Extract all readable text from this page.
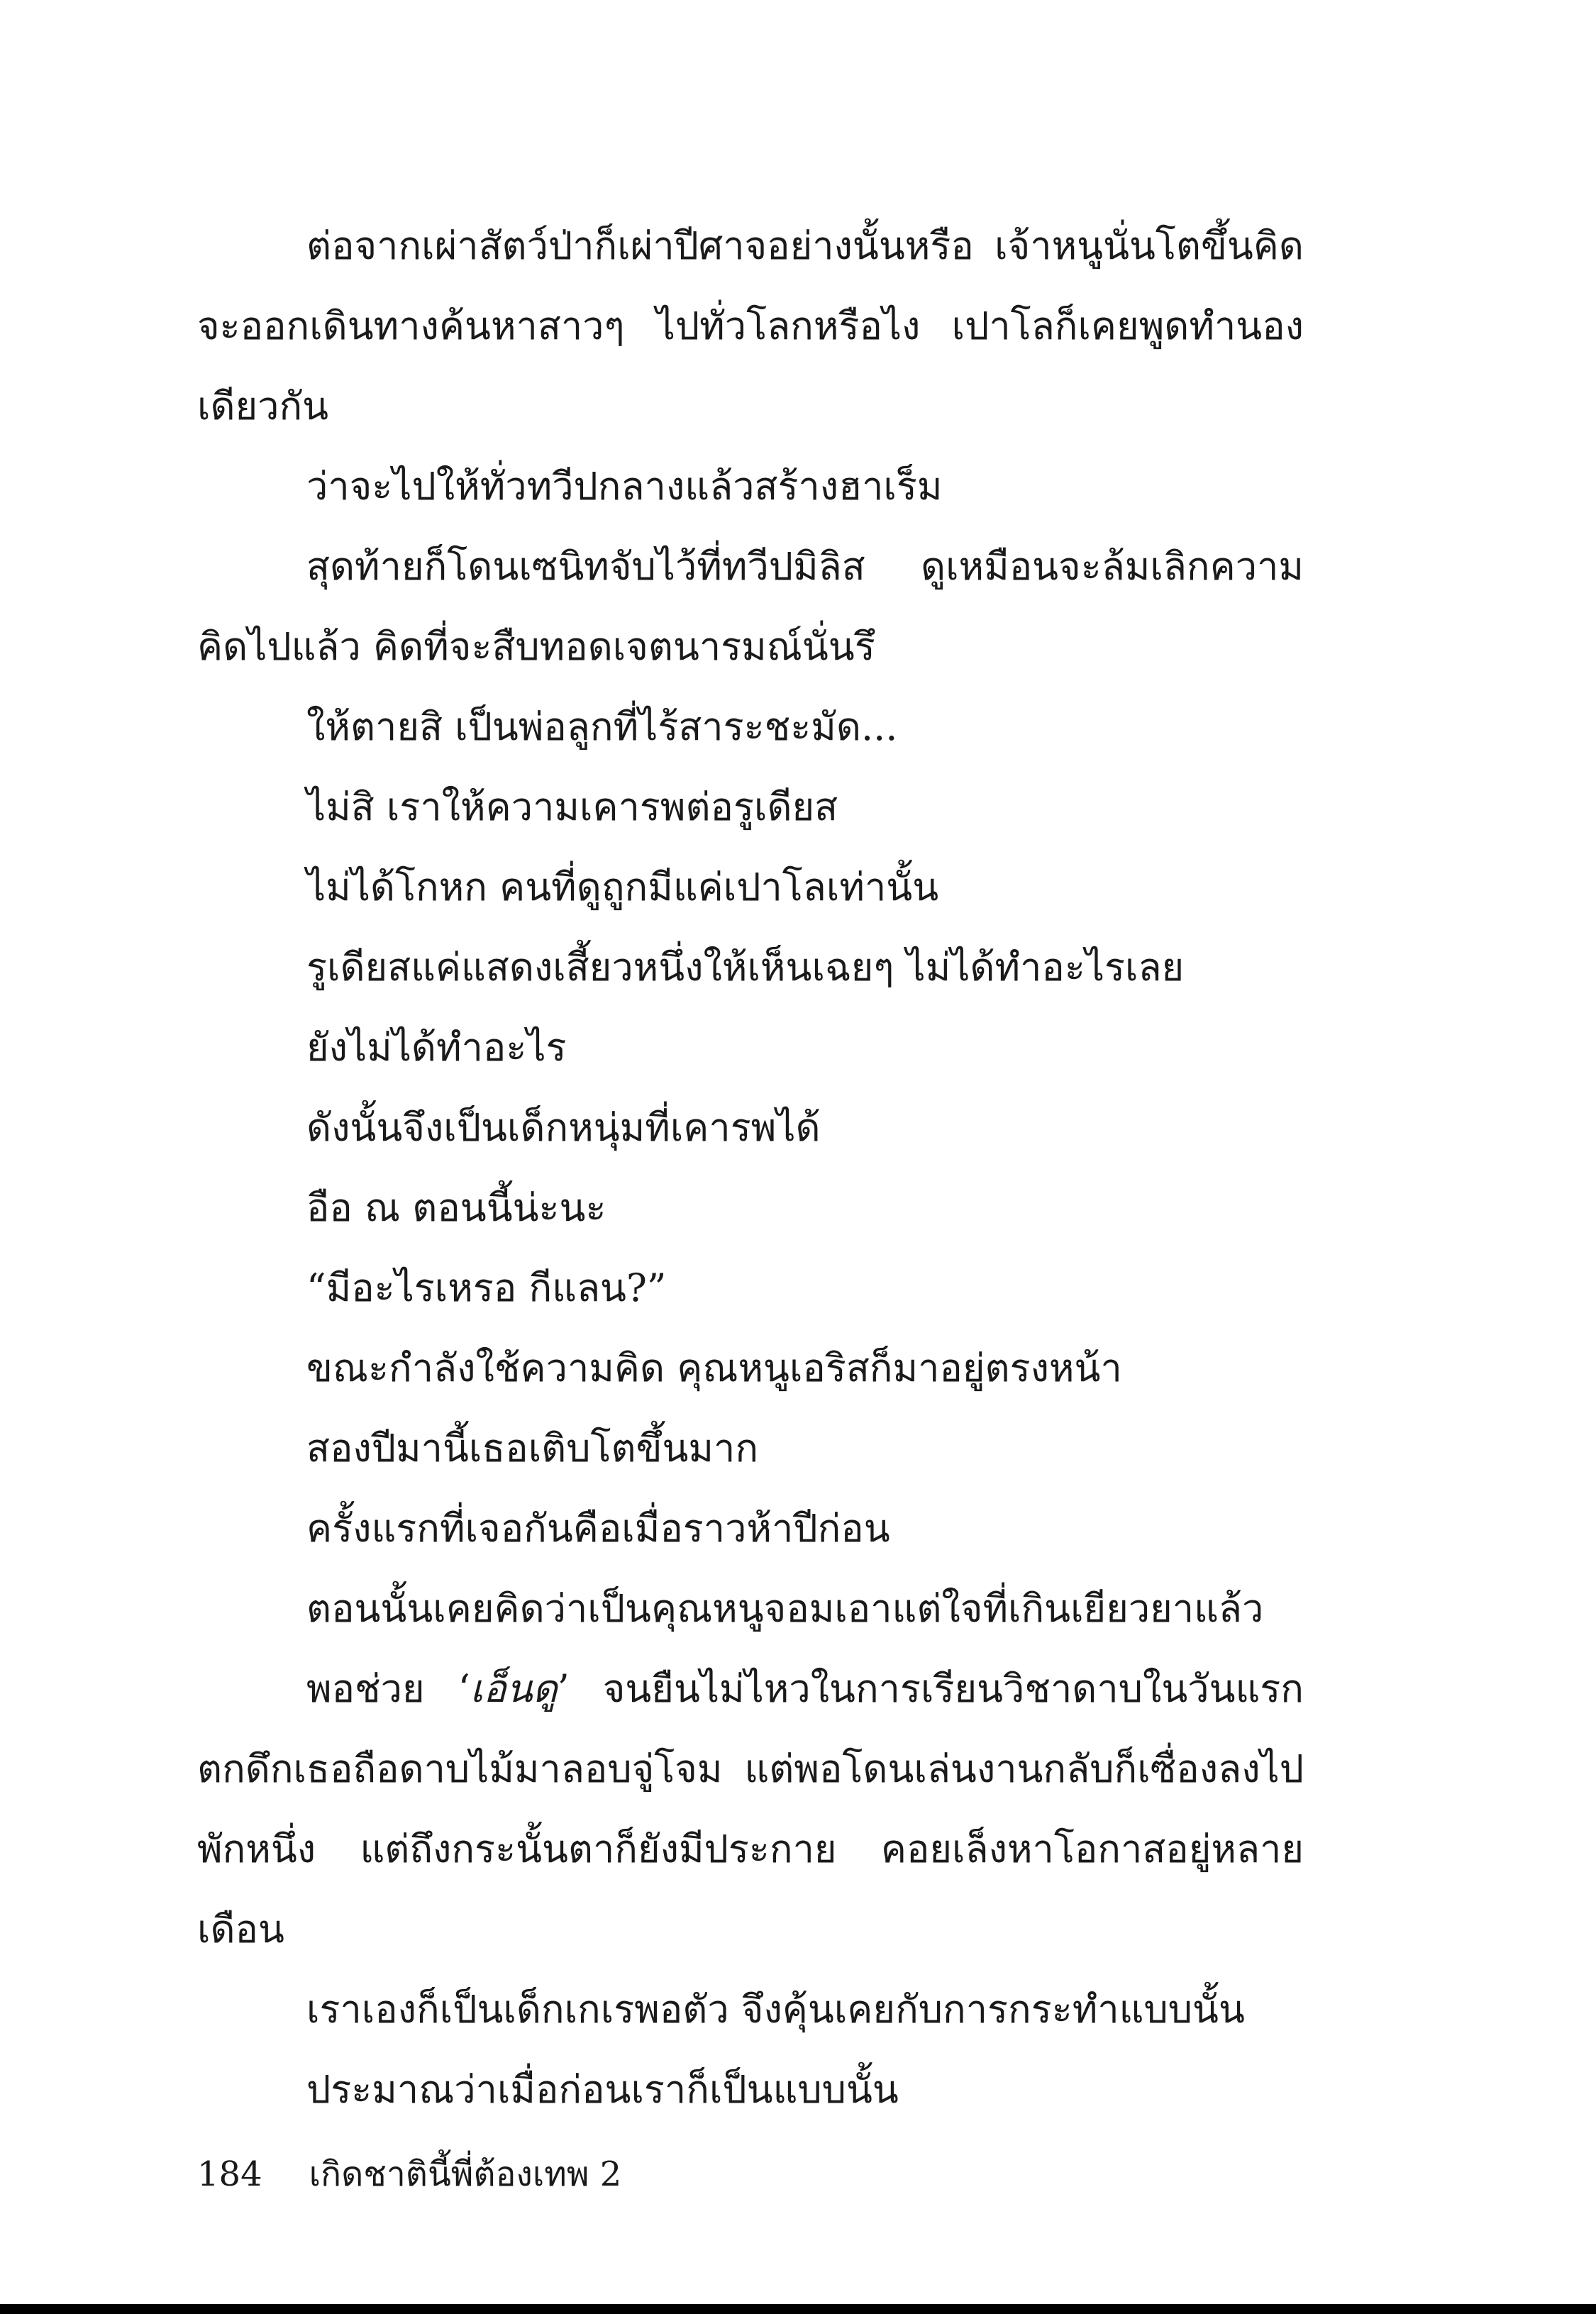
ต่อจากเผ่าสัตว์ป่าก็เผ่าปีศาจอย่างนั้นหรือ เจ้าหนูนั่นโตขึ้นคิดจะออกเดินทางค้นหาสาวๆ ไปทั่วโลกหรือไง เปาโลก็เคยพูดทำนองเดียวกัน

ว่าจะไปให้ทั่วทวีปกลางแล้วสร้างฮาเร็ม

สุดท้ายก็โดนเซนิทจับไว้ที่ทวีปมิลิส ดูเหมือนจะล้มเลิกความคิดไปแล้ว คิดที่จะสืบทอดเจตนารมณ์นั่นรึ

ให้ตายสิ เป็นพ่อลูกที่ไร้สาระชะมัด...

ไม่สิ เราให้ความเคารพต่อรูเดียส

ไม่ได้โกหก คนที่ดูถูกมีแค่เปาโลเท่านั้น

รูเดียสแค่แสดงเสี้ยวหนึ่งให้เห็นเฉยๆ ไม่ได้ทำอะไรเลย

ยังไม่ได้ทำอะไร

ดังนั้นจึงเป็นเด็กหนุ่มที่เคารพได้

อือ ณ ตอนนี้น่ะนะ

“มีอะไรเหรอ กีแลน?”

ขณะกำลังใช้ความคิด คุณหนูเอริสก็มาอยู่ตรงหน้า

สองปีมานี้เธอเติบโตขึ้นมาก

ครั้งแรกที่เจอกันคือเมื่อราวห้าปีก่อน

ตอนนั้นเคยคิดว่าเป็นคุณหนูจอมเอาแต่ใจที่เกินเยียวยาแล้ว

พอช่วย ‘เอ็นดู’ จนยืนไม่ไหวในการเรียนวิชาดาบในวันแรก ตกดึกเธอถือดาบไม้มาลอบจู่โจม แต่พอโดนเล่นงานกลับก็เซื่องลงไปพักหนึ่ง แต่ถึงกระนั้นตาก็ยังมีประกาย คอยเล็งหาโอกาสอยู่หลายเดือน

เราเองก็เป็นเด็กเกเรพอตัว จึงคุ้นเคยกับการกระทำแบบนั้น

ประมาณว่าเมื่อก่อนเราก็เป็นแบบนั้น

184 เกิดชาตินี้พี่ต้องเทพ 2
